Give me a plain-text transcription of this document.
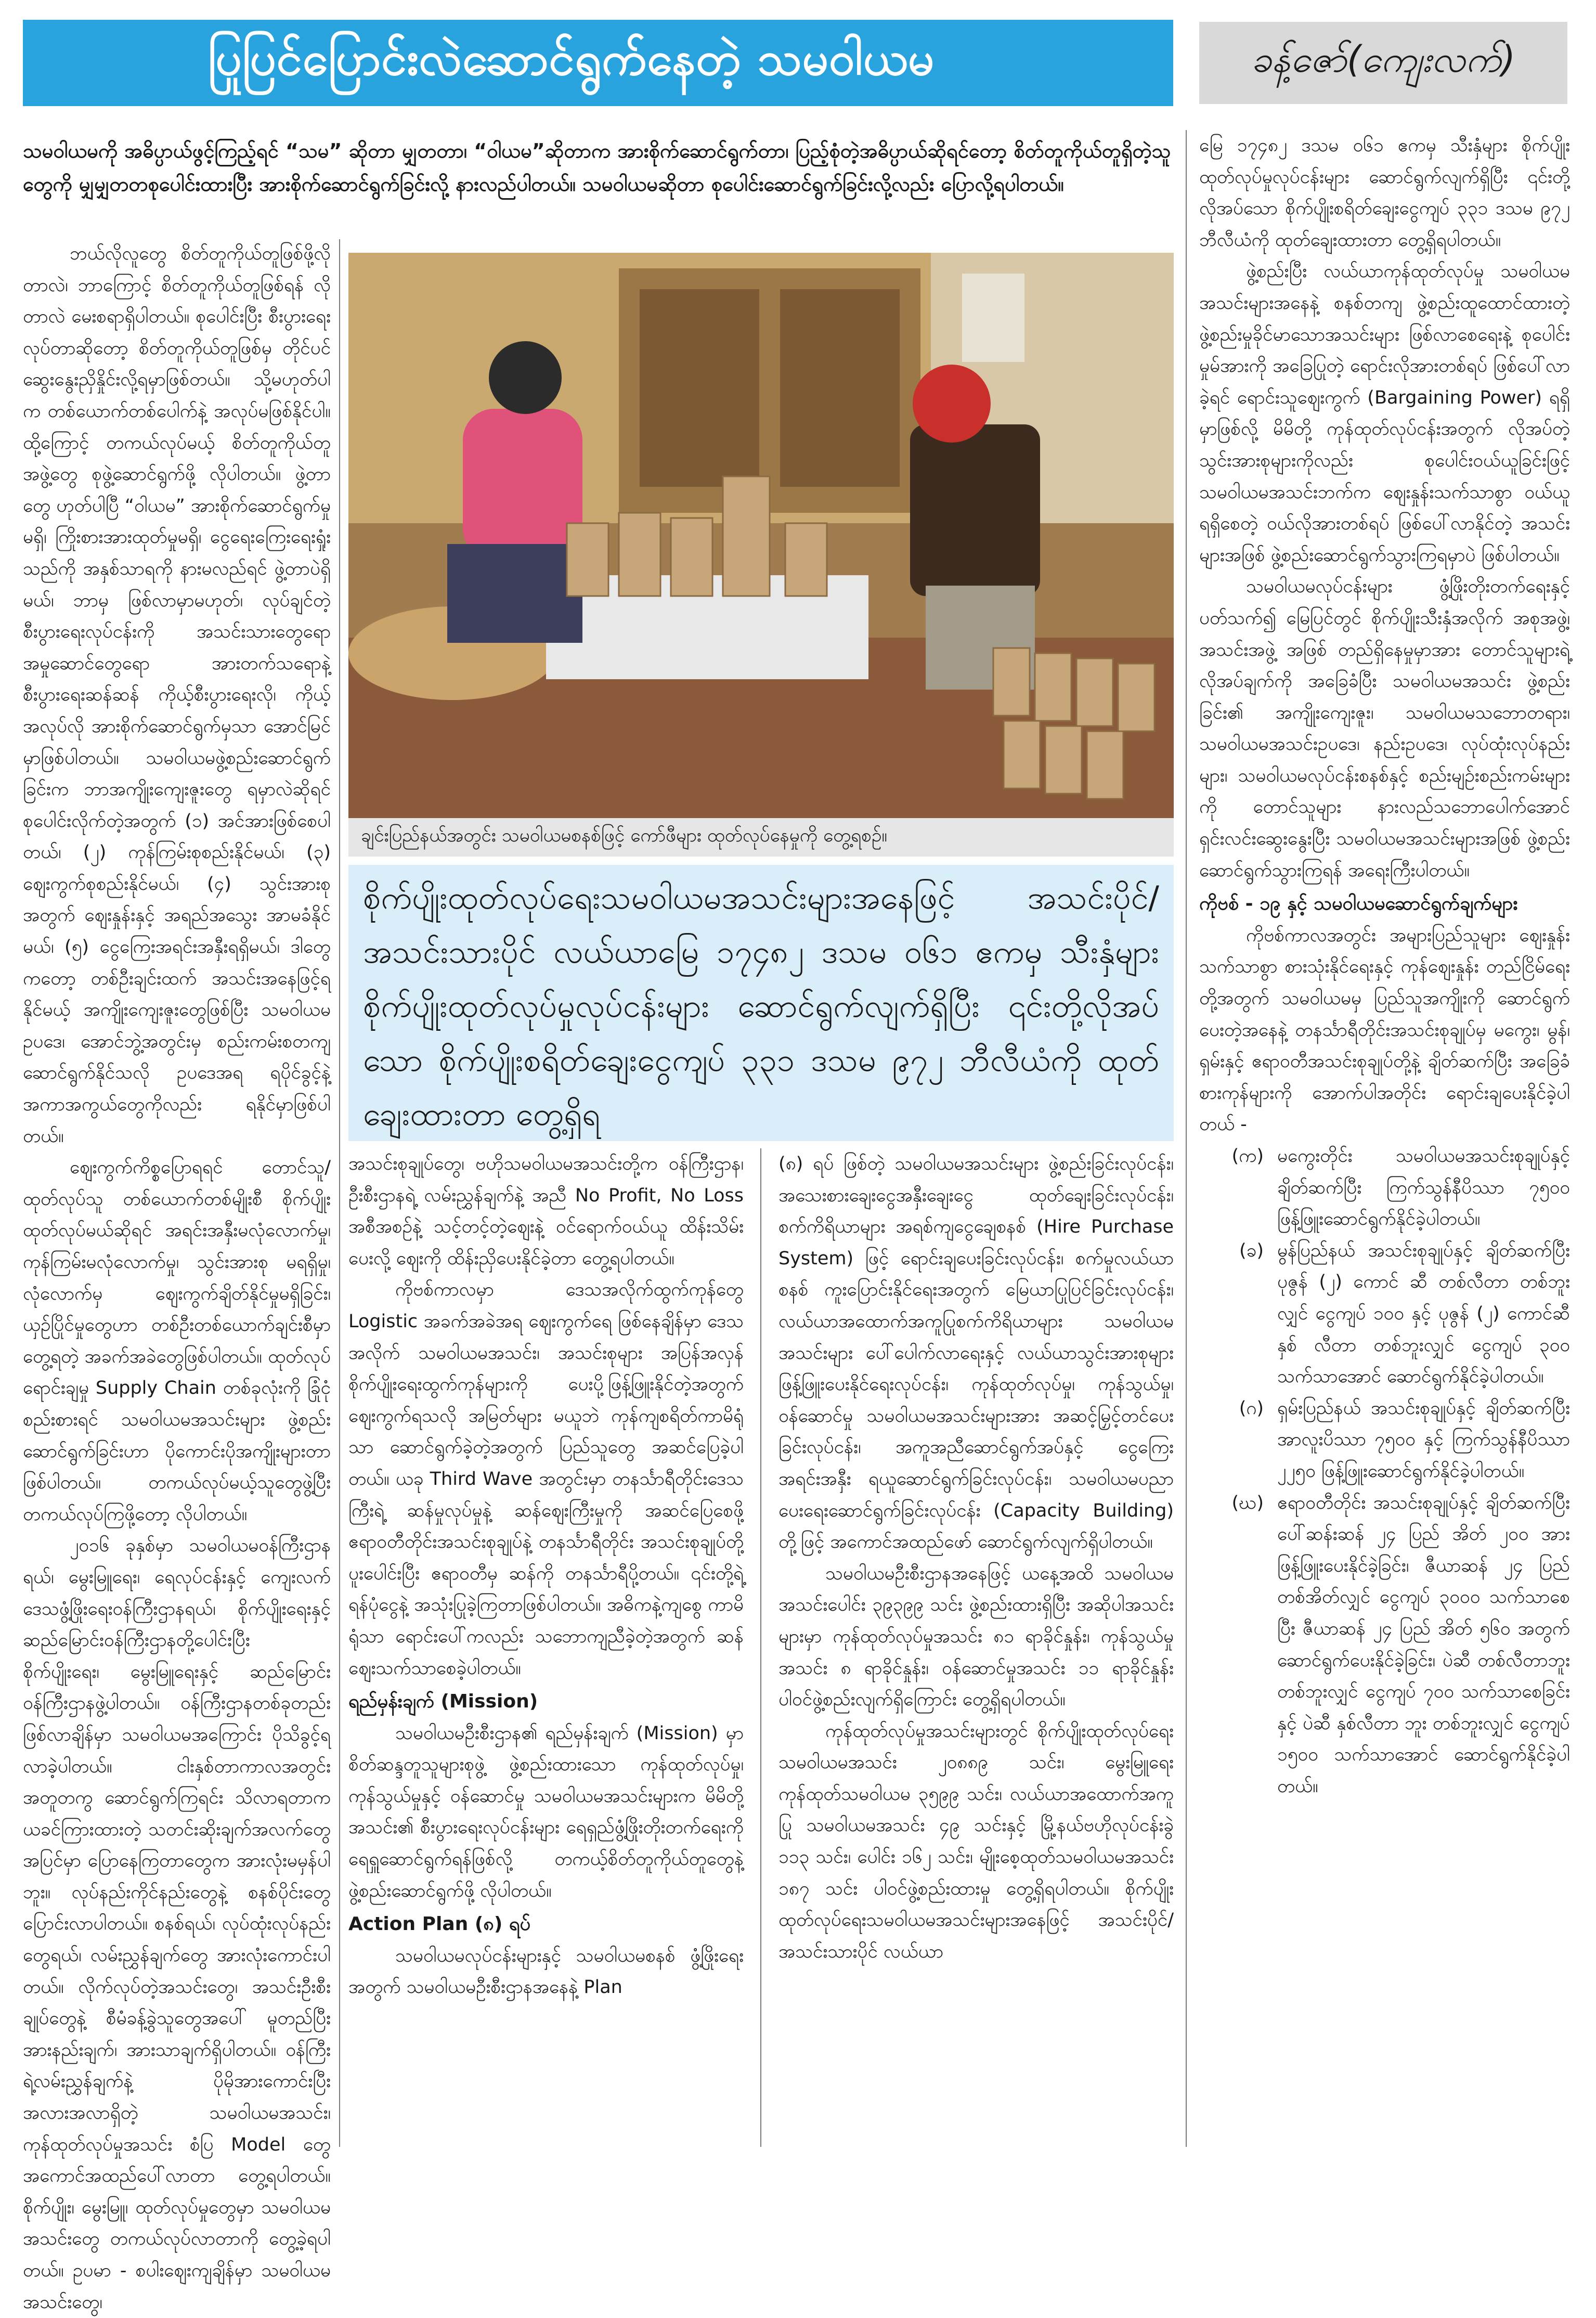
ပြုပြင်ပြောင်းလဲဆောင်ရွက်နေတဲ့ သမဝါယမ	ခန့်ဇော်(ကျေးလက်)

သမဝါယမကို အဓိပ္ပာယ်ဖွင့်ကြည့်ရင် “သမ” ဆိုတာ မျှတတာ၊ “ဝါယမ”ဆိုတာက အားစိုက်ဆောင်ရွက်တာ၊ ပြည့်စုံတဲ့အဓိပ္ပာယ်ဆိုရင်တော့ စိတ်တူကိုယ်တူရှိတဲ့သူတွေကို မျှမျှတတစုပေါင်းထားပြီး အားစိုက်ဆောင်ရွက်ခြင်းလို့ နားလည်ပါတယ်။ သမဝါယမဆိုတာ စုပေါင်းဆောင်ရွက်ခြင်းလို့လည်း ပြောလို့ရပါတယ်။

ဘယ်လိုလူတွေ စိတ်တူကိုယ်တူဖြစ်ဖို့လိုတာလဲ၊ ဘာကြောင့် စိတ်တူကိုယ်တူဖြစ်ရန် လိုတာလဲ မေးစရာရှိပါတယ်။ စုပေါင်းပြီး စီးပွားရေးလုပ်တာဆိုတော့ စိတ်တူကိုယ်တူဖြစ်မှ တိုင်ပင်ဆွေးနွေးညှိနှိုင်းလို့ရမှာဖြစ်တယ်။ သို့မဟုတ်ပါက တစ်ယောက်တစ်ပေါက်နဲ့ အလုပ်မဖြစ်နိုင်ပါ။ ထို့ကြောင့် တကယ်လုပ်မယ့် စိတ်တူကိုယ်တူ အဖွဲ့တွေ စုဖွဲ့ဆောင်ရွက်ဖို့ လိုပါတယ်။ ဖွဲ့တာတွေ ဟုတ်ပါပြီ “ဝါယမ” အားစိုက်ဆောင်ရွက်မှုမရှိ၊ ကြိုးစားအားထုတ်မှုမရှိ၊ ငွေရေးကြေးရေးရှုံးသည်ကို အနှစ်သာရကို နားမလည်ရင် ဖွဲ့တာပဲရှိမယ်၊ ဘာမှ ဖြစ်လာမှာမဟုတ်၊ လုပ်ချင်တဲ့ စီးပွားရေးလုပ်ငန်းကို အသင်းသားတွေရော အမှုဆောင်တွေရော အားတက်သရောနဲ့ စီးပွားရေးဆန်ဆန် ကိုယ့်စီးပွားရေးလို၊ ကိုယ့်အလုပ်လို အားစိုက်ဆောင်ရွက်မှသာ အောင်မြင်မှာဖြစ်ပါတယ်။ သမဝါယမဖွဲ့စည်းဆောင်ရွက်ခြင်းက ဘာအကျိုးကျေးဇူးတွေ ရမှာလဲဆိုရင် စုပေါင်းလိုက်တဲ့အတွက် (၁) အင်အားဖြစ်စေပါတယ်၊ (၂) ကုန်ကြမ်းစုစည်းနိုင်မယ်၊ (၃) ဈေးကွက်စုစည်းနိုင်မယ်၊ (၄) သွင်းအားစုအတွက် ဈေးနှုန်းနှင့် အရည်အသွေး အာမခံနိုင်မယ်၊ (၅) ငွေကြေးအရင်းအနှီးရရှိမယ်၊ ဒါတွေကတော့ တစ်ဦးချင်းထက် အသင်းအနေဖြင့်ရနိုင်မယ့် အကျိုးကျေးဇူးတွေဖြစ်ပြီး သမဝါယမဥပဒေ၊ အောင်ဘွဲ့အတွင်းမှ စည်းကမ်းစတကျ ဆောင်ရွက်နိုင်သလို ဥပဒေအရ ရပိုင်ခွင့်နဲ့ အကာအကွယ်တွေကိုလည်း ရနိုင်မှာဖြစ်ပါတယ်။

ဈေးကွက်ကိစ္စပြောရရင် တောင်သူ/ထုတ်လုပ်သူ တစ်ယောက်တစ်မျိုးစီ စိုက်ပျိုးထုတ်လုပ်မယ်ဆိုရင် အရင်းအနှီးမလုံလောက်မှု၊ ကုန်ကြမ်းမလုံလောက်မှု၊ သွင်းအားစု မရရှိမှု၊ လုံလောက်မှ ဈေးကွက်ချိတ်နိုင်မှုမရှိခြင်း၊ ယှဉ်ပြိုင်မှုတွေဟာ တစ်ဦးတစ်ယောက်ချင်းစီမှာ တွေ့ရတဲ့ အခက်အခဲတွေဖြစ်ပါတယ်။ ထုတ်လုပ်ရောင်းချမှု Supply Chain တစ်ခုလုံးကို ခြုံငုံစည်းစားရင် သမဝါယမအသင်းများ ဖွဲ့စည်းဆောင်ရွက်ခြင်းဟာ ပိုကောင်းပိုအကျိုးများတာ ဖြစ်ပါတယ်။ တကယ်လုပ်မယ့်သူတွေဖွဲ့ပြီး တကယ်လုပ်ကြဖို့တော့ လိုပါတယ်။

၂၀၁၆ ခုနှစ်မှာ သမဝါယမဝန်ကြီးဌာနရယ်၊ မွေးမြူရေး၊ ရေလုပ်ငန်းနှင့် ကျေးလက်ဒေသဖွံ့ဖြိုးရေးဝန်ကြီးဌာနရယ်၊ စိုက်ပျိုးရေးနှင့် ဆည်မြောင်းဝန်ကြီးဌာနတို့ပေါင်းပြီး စိုက်ပျိုးရေး၊ မွေးမြူရေးနှင့် ဆည်မြောင်းဝန်ကြီးဌာနဖွဲ့ပါတယ်။ ဝန်ကြီးဌာနတစ်ခုတည်းဖြစ်လာချိန်မှာ သမဝါယမအကြောင်း ပိုသိခွင့်ရလာခဲ့ပါတယ်။ ငါးနှစ်တာကာလအတွင်း အတူတကွ ဆောင်ရွက်ကြရင်း သိလာရတာက ယခင်ကြားထားတဲ့ သတင်းဆိုးချက်အလက်တွေ အပြင်မှာ ပြောနေကြတာတွေက အားလုံးမမှန်ပါဘူး။ လုပ်နည်းကိုင်နည်းတွေနဲ့ စနစ်ပိုင်းတွေ ပြောင်းလာပါတယ်။ စနစ်ရယ်၊ လုပ်ထုံးလုပ်နည်းတွေရယ်၊ လမ်းညွှန်ချက်တွေ အားလုံးကောင်းပါတယ်။ လိုက်လုပ်တဲ့အသင်းတွေ၊ အသင်းဦးစီးချုပ်တွေနဲ့ စီမံခန့်ခွဲသူတွေအပေါ် မူတည်ပြီး အားနည်းချက်၊ အားသာချက်ရှိပါတယ်။ ဝန်ကြီးရဲ့လမ်းညွှန်ချက်နဲ့ ပိုမိုအားကောင်းပြီး အလားအလာရှိတဲ့ သမဝါယမအသင်း၊ ကုန်ထုတ်လုပ်မှုအသင်း စံပြ Model တွေ အကောင်အထည်ပေါ်လာတာ တွေ့ရပါတယ်။ စိုက်ပျိုး၊ မွေးမြူ၊ ထုတ်လုပ်မှုတွေမှာ သမဝါယမအသင်းတွေ တကယ်လုပ်လာတာကို တွေ့ခဲ့ရပါတယ်။ ဥပမာ - စပါးဈေးကျချိန်မှာ သမဝါယမအသင်းတွေ၊

ချင်းပြည်နယ်အတွင်း သမဝါယမစနစ်ဖြင့် ကော်ဖီများ ထုတ်လုပ်နေမှုကို တွေ့ရစဉ်။
စိုက်ပျိုးထုတ်လုပ်ရေးသမဝါယမအသင်းများအနေဖြင့် အသင်းပိုင်/အသင်းသားပိုင် လယ်ယာမြေ ၁၇၄၈၂ ဒသမ ၀၆၁ ဧကမှ သီးနှံများ စိုက်ပျိုးထုတ်လုပ်မှုလုပ်ငန်းများ ဆောင်ရွက်လျက်ရှိပြီး ၎င်းတို့လိုအပ်သော စိုက်ပျိုးစရိတ်ချေးငွေကျပ် ၃၃၁ ဒသမ ၉၇၂ ဘီလီယံကို ထုတ်ချေးထားတာ တွေ့ရှိရ

အသင်းစုချုပ်တွေ၊ ဗဟိုသမဝါယမအသင်းတို့က ဝန်ကြီးဌာန၊ ဦးစီးဌာနရဲ့ လမ်းညွှန်ချက်နဲ့ အညီ No Profit, No Loss အစီအစဉ်နဲ့ သင့်တင့်တဲ့ဈေးနဲ့ ဝင်ရောက်ဝယ်ယူ ထိန်းသိမ်းပေးလို့ ဈေးကို ထိန်းညှိပေးနိုင်ခဲ့တာ တွေ့ရပါတယ်။

ကိုဗစ်ကာလမှာ ဒေသအလိုက်ထွက်ကုန်တွေ Logistic အခက်အခဲအရ ဈေးကွက်ရေ ဖြစ်နေချိန်မှာ ဒေသအလိုက် သမဝါယမအသင်း၊ အသင်းစုများ အပြန်အလှန် စိုက်ပျိုးရေးထွက်ကုန်များကို ပေးပို့ဖြန့်ဖြူးနိုင်တဲ့အတွက် ဈေးကွက်ရသလို အမြတ်များ မယူဘဲ ကုန်ကျစရိတ်ကာမိရုံသာ ဆောင်ရွက်ခဲ့တဲ့အတွက် ပြည်သူတွေ အဆင်ပြေခဲ့ပါတယ်။ ယခု Third Wave အတွင်းမှာ တနင်္သာရီတိုင်းဒေသကြီးရဲ့ ဆန်မှုလုပ်မှုနဲ့ ဆန်ဈေးကြီးမှုကို အဆင်ပြေစေဖို့ ဧရာဝတီတိုင်းအသင်းစုချုပ်နဲ့ တနင်္သာရီတိုင်း အသင်းစုချုပ်တို့ ပူးပေါင်းပြီး ဧရာဝတီမှ ဆန်ကို တနင်္သာရီပို့တယ်။ ၎င်းတို့ရဲ့ ရန်ပုံငွေနဲ့ အသုံးပြုခဲ့ကြတာဖြစ်ပါတယ်။ အဓိကနဲ့ကျစွေ ကာမိရုံသာ ရောင်းပေါ်ကလည်း သဘောကျညီခဲ့တဲ့အတွက် ဆန်ဈေးသက်သာစေခဲ့ပါတယ်။

ရည်မှန်းချက် (Mission)

သမဝါယမဦးစီးဌာန၏ ရည်မှန်းချက် (Mission) မှာ စိတ်ဆန္ဒတူသူများစုဖွဲ့ ဖွဲ့စည်းထားသော ကုန်ထုတ်လုပ်မှု၊ ကုန်သွယ်မှုနှင့် ဝန်ဆောင်မှု သမဝါယမအသင်းများက မိမိတို့အသင်း၏ စီးပွားရေးလုပ်ငန်းများ ရေရှည်ဖွံ့ဖြိုးတိုးတက်ရေးကို ရေရှူဆောင်ရွက်ရန်ဖြစ်လို့ တကယ့်စိတ်တူကိုယ်တူတွေနဲ့ ဖွဲ့စည်းဆောင်ရွက်ဖို့ လိုပါတယ်။

Action Plan (၈) ရပ်

သမဝါယမလုပ်ငန်းများနှင့် သမဝါယမစနစ် ဖွံ့ဖြိုးရေးအတွက် သမဝါယမဦးစီးဌာနအနေနဲ့ Plan

(၈) ရပ် ဖြစ်တဲ့ သမဝါယမအသင်းများ ဖွဲ့စည်းခြင်းလုပ်ငန်း၊ အသေးစားချေးငွေအနှီးချေးငွေ ထုတ်ချေးခြင်းလုပ်ငန်း၊ စက်ကိရိယာများ အရစ်ကျငွေချေစနစ် (Hire Purchase System) ဖြင့် ရောင်းချပေးခြင်းလုပ်ငန်း၊ စက်မှုလယ်ယာစနစ် ကူးပြောင်းနိုင်ရေးအတွက် မြေယာပြုပြင်ခြင်းလုပ်ငန်း၊ လယ်ယာအထောက်အကူပြုစက်ကိရိယာများ သမဝါယမအသင်းများ ပေါ်ပေါက်လာရေးနှင့် လယ်ယာသွင်းအားစုများ ဖြန့်ဖြူးပေးနိုင်ရေးလုပ်ငန်း၊ ကုန်ထုတ်လုပ်မှု၊ ကုန်သွယ်မှု၊ ဝန်ဆောင်မှု သမဝါယမအသင်းများအား အဆင့်မြှင့်တင်ပေးခြင်းလုပ်ငန်း၊ အကူအညီဆောင်ရွက်အပ်နှင့် ငွေကြေးအရင်းအနှီး ရယူဆောင်ရွက်ခြင်းလုပ်ငန်း၊ သမဝါယမပညာပေးရေးဆောင်ရွက်ခြင်းလုပ်ငန်း (Capacity Building) တို့ဖြင့် အကောင်အထည်ဖော် ဆောင်ရွက်လျက်ရှိပါတယ်။

သမဝါယမဦးစီးဌာနအနေဖြင့် ယနေ့အထိ သမဝါယမအသင်းပေါင်း ၃၉၃၉၉ သင်း ဖွဲ့စည်းထားရှိပြီး အဆိုပါအသင်းများမှာ ကုန်ထုတ်လုပ်မှုအသင်း ၈၁ ရာခိုင်နှုန်း၊ ကုန်သွယ်မှုအသင်း ၈ ရာခိုင်နှုန်း၊ ဝန်ဆောင်မှုအသင်း ၁၁ ရာခိုင်နှုန်း ပါဝင်ဖွဲ့စည်းလျက်ရှိကြောင်း တွေ့ရှိရပါတယ်။

ကုန်ထုတ်လုပ်မှုအသင်းများတွင် စိုက်ပျိုးထုတ်လုပ်ရေးသမဝါယမအသင်း ၂၀၈၈၉ သင်း၊ မွေးမြူရေးကုန်ထုတ်သမဝါယမ ၃၅၉၉ သင်း၊ လယ်ယာအထောက်အကူပြု သမဝါယမအသင်း ၄၉ သင်းနှင့် မြို့နယ်ဗဟိုလုပ်ငန်းခွဲ ၁၁၃ သင်း၊ ပေါင်း ၁၆၂ သင်း၊ မျိုးစေ့ထုတ်သမဝါယမအသင်း ၁၈၇ သင်း ပါဝင်ဖွဲ့စည်းထားမှု တွေ့ရှိရပါတယ်။ စိုက်ပျိုးထုတ်လုပ်ရေးသမဝါယမအသင်းများအနေဖြင့် အသင်းပိုင်/အသင်းသားပိုင် လယ်ယာ

မြေ ၁၇၄၈၂ ဒသမ ၀၆၁ ဧကမှ သီးနှံများ စိုက်ပျိုးထုတ်လုပ်မှုလုပ်ငန်းများ ဆောင်ရွက်လျက်ရှိပြီး ၎င်းတို့လိုအပ်သော စိုက်ပျိုးစရိတ်ချေးငွေကျပ် ၃၃၁ ဒသမ ၉၇၂ ဘီလီယံကို ထုတ်ချေးထားတာ တွေ့ရှိရပါတယ်။

ဖွဲ့စည်းပြီး လယ်ယာကုန်ထုတ်လုပ်မှု သမဝါယမအသင်းများအနေနဲ့ စနစ်တကျ ဖွဲ့စည်းထူထောင်ထားတဲ့ ဖွဲ့စည်းမှုခိုင်မာသောအသင်းများ ဖြစ်လာစေရေးနဲ့ စုပေါင်းမှုမ်အားကို အခြေပြုတဲ့ ရောင်းလိုအားတစ်ရပ် ဖြစ်ပေါ်လာခဲ့ရင် ရောင်းသူဈေးကွက် (Bargaining Power) ရရှိမှာဖြစ်လို့ မိမိတို့ ကုန်ထုတ်လုပ်ငန်းအတွက် လိုအပ်တဲ့ သွင်းအားစုများကိုလည်း စုပေါင်းဝယ်ယူခြင်းဖြင့် သမဝါယမအသင်းဘက်က ဈေးနှုန်းသက်သာစွာ ဝယ်ယူရရှိစေတဲ့ ဝယ်လိုအားတစ်ရပ် ဖြစ်ပေါ်လာနိုင်တဲ့ အသင်းများအဖြစ် ဖွဲ့စည်းဆောင်ရွက်သွားကြရမှာပဲ ဖြစ်ပါတယ်။

သမဝါယမလုပ်ငန်းများ ဖွံ့ဖြိုးတိုးတက်ရေးနှင့်ပတ်သက်၍ မြေပြင်တွင် စိုက်ပျိုးသီးနှံအလိုက် အစုအဖွဲ့၊ အသင်းအဖွဲ့ အဖြစ် တည်ရှိနေမှုမှာအား တောင်သူများရဲ့ လိုအပ်ချက်ကို အခြေခံပြီး သမဝါယမအသင်း ဖွဲ့စည်းခြင်း၏ အကျိုးကျေးဇူး၊ သမဝါယမသဘောတရား၊ သမဝါယမအသင်းဥပဒေ၊ နည်းဥပဒေ၊ လုပ်ထုံးလုပ်နည်းများ၊ သမဝါယမလုပ်ငန်းစနစ်နှင့် စည်းမျဉ်းစည်းကမ်းများကို တောင်သူများ နားလည်သဘောပေါက်အောင် ရှင်းလင်းဆွေးနွေးပြီး သမဝါယမအသင်းများအဖြစ် ဖွဲ့စည်းဆောင်ရွက်သွားကြရန် အရေးကြီးပါတယ်။

ကိုဗစ် - ၁၉ နှင့် သမဝါယမဆောင်ရွက်ချက်များ

ကိုဗစ်ကာလအတွင်း အများပြည်သူများ ဈေးနှုန်းသက်သာစွာ စားသုံးနိုင်ရေးနှင့် ကုန်ဈေးနှုန်း တည်ငြိမ်ရေးတို့အတွက် သမဝါယမမှ ပြည်သူအကျိုးကို ဆောင်ရွက်ပေးတဲ့အနေနဲ့ တနင်္သာရီတိုင်းအသင်းစုချုပ်မှ မကွေး၊ မွန်၊ ရှမ်းနှင့် ဧရာဝတီအသင်းစုချုပ်တို့နဲ့ ချိတ်ဆက်ပြီး အခြေခံစားကုန်များကို အောက်ပါအတိုင်း ရောင်းချပေးနိုင်ခဲ့ပါတယ် -

(က) မကွေးတိုင်း သမဝါယမအသင်းစုချုပ်နှင့် ချိတ်ဆက်ပြီး ကြက်သွန်နီပိဿာ ၇၅၀၀ ဖြန့်ဖြူးဆောင်ရွက်နိုင်ခဲ့ပါတယ်။
(ခ) မွန်ပြည်နယ် အသင်းစုချုပ်နှင့် ချိတ်ဆက်ပြီး ပုဇွန် (၂) ကောင် ဆီ တစ်လီတာ တစ်ဘူးလျှင် ငွေကျပ် ၁၀၀ နှင့် ပုဇွန် (၂) ကောင်ဆီ နှစ် လီတာ တစ်ဘူးလျှင် ငွေကျပ် ၃၀၀ သက်သာအောင် ဆောင်ရွက်နိုင်ခဲ့ပါတယ်။
(ဂ) ရှမ်းပြည်နယ် အသင်းစုချုပ်နှင့် ချိတ်ဆက်ပြီး အာလူးပိဿာ ၇၅၀၀ နှင့် ကြက်သွန်နီပိဿာ ၂၂၅၀ ဖြန့်ဖြူးဆောင်ရွက်နိုင်ခဲ့ပါတယ်။
(ဃ) ဧရာဝတီတိုင်း အသင်းစုချုပ်နှင့် ချိတ်ဆက်ပြီး ပေါ်ဆန်းဆန် ၂၄ ပြည် အိတ် ၂၀၀ အား ဖြန့်ဖြူးပေးနိုင်ခဲ့ခြင်း၊ ဇီယာဆန် ၂၄ ပြည် တစ်အိတ်လျှင် ငွေကျပ် ၃၀၀၀ သက်သာစေပြီး ဇီယာဆန် ၂၄ ပြည် အိတ် ၅၆၀ အတွက် ဆောင်ရွက်ပေးနိုင်ခဲ့ခြင်း၊ ပဲဆီ တစ်လီတာဘူး တစ်ဘူးလျှင် ငွေကျပ် ၇၀၀ သက်သာစေခြင်း နှင့် ပဲဆီ နှစ်လီတာ ဘူး တစ်ဘူးလျှင် ငွေကျပ် ၁၅၀၀ သက်သာအောင် ဆောင်ရွက်နိုင်ခဲ့ပါတယ်။
